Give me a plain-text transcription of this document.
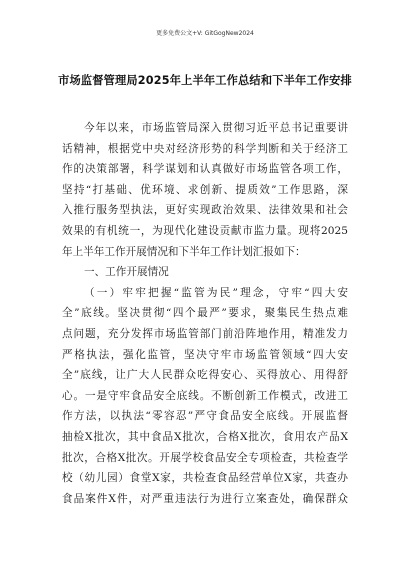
更多免费公文+V: GitGogNew2024
市场监督管理局2025年上半年工作总结和下半年工作安排
今年以来，市场监管局深入贯彻习近平总书记重要讲
话精神，根据党中央对经济形势的科学判断和关于经济工
作的决策部署，科学谋划和认真做好市场监管各项工作，
坚持“打基础、优环境、求创新、提质效”工作思路，深
入推行服务型执法，更好实现政治效果、法律效果和社会
效果的有机统一，为现代化建设贡献市监力量。现将2025
年上半年工作开展情况和下半年工作计划汇报如下：
一、工作开展情况
（一）牢牢把握“监管为民”理念，守牢“四大安
全”底线。坚决贯彻“四个最严”要求，聚集民生热点难
点问题，充分发挥市场监管部门前沿阵地作用，精准发力
严格执法，强化监管，坚决守牢市场监管领域“四大安
全”底线，让广大人民群众吃得安心、买得放心、用得舒
心。一是守牢食品安全底线。不断创新工作模式，改进工
作方法，以执法“零容忍”严守食品安全底线。开展监督
抽检X批次，其中食品X批次，合格X批次，食用农产品X
批次，合格X批次。开展学校食品安全专项检查，共检查学
校（幼儿园）食堂X家，共检查食品经营单位X家，共查办
食品案件X件，对严重违法行为进行立案查处，确保群众
